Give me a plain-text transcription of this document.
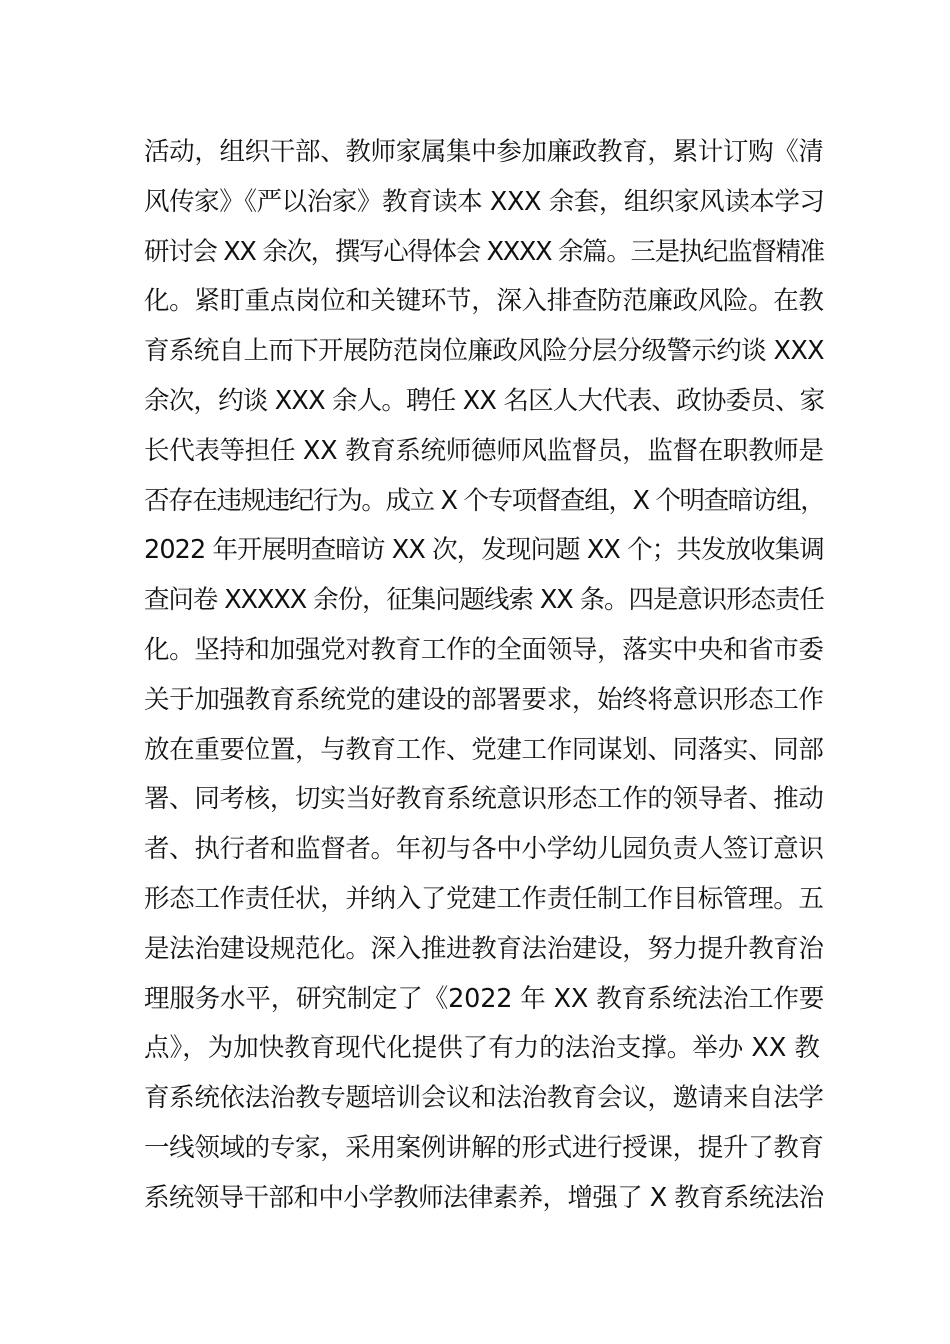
活动，组织干部、教师家属集中参加廉政教育，累计订购《清
风传家》《严以治家》教育读本 XXX 余套，组织家风读本学习
研讨会 XX 余次，撰写心得体会 XXXX 余篇。三是执纪监督精准
化。紧盯重点岗位和关键环节，深入排查防范廉政风险。在教
育系统自上而下开展防范岗位廉政风险分层分级警示约谈 XXX
余次，约谈 XXX 余人。聘任 XX 名区人大代表、政协委员、家
长代表等担任 XX 教育系统师德师风监督员，监督在职教师是
否存在违规违纪行为。成立 X 个专项督查组，X 个明查暗访组，
2022 年开展明查暗访 XX 次，发现问题 XX 个；共发放收集调
查问卷 XXXXX 余份，征集问题线索 XX 条。四是意识形态责任
化。坚持和加强党对教育工作的全面领导，落实中央和省市委
关于加强教育系统党的建设的部署要求，始终将意识形态工作
放在重要位置，与教育工作、党建工作同谋划、同落实、同部
署、同考核，切实当好教育系统意识形态工作的领导者、推动
者、执行者和监督者。年初与各中小学幼儿园负责人签订意识
形态工作责任状，并纳入了党建工作责任制工作目标管理。五
是法治建设规范化。深入推进教育法治建设，努力提升教育治
理服务水平，研究制定了《2022 年 XX 教育系统法治工作要
点》，为加快教育现代化提供了有力的法治支撑。举办 XX 教
育系统依法治教专题培训会议和法治教育会议，邀请来自法学
一线领域的专家，采用案例讲解的形式进行授课，提升了教育
系统领导干部和中小学教师法律素养，增强了 X 教育系统法治
